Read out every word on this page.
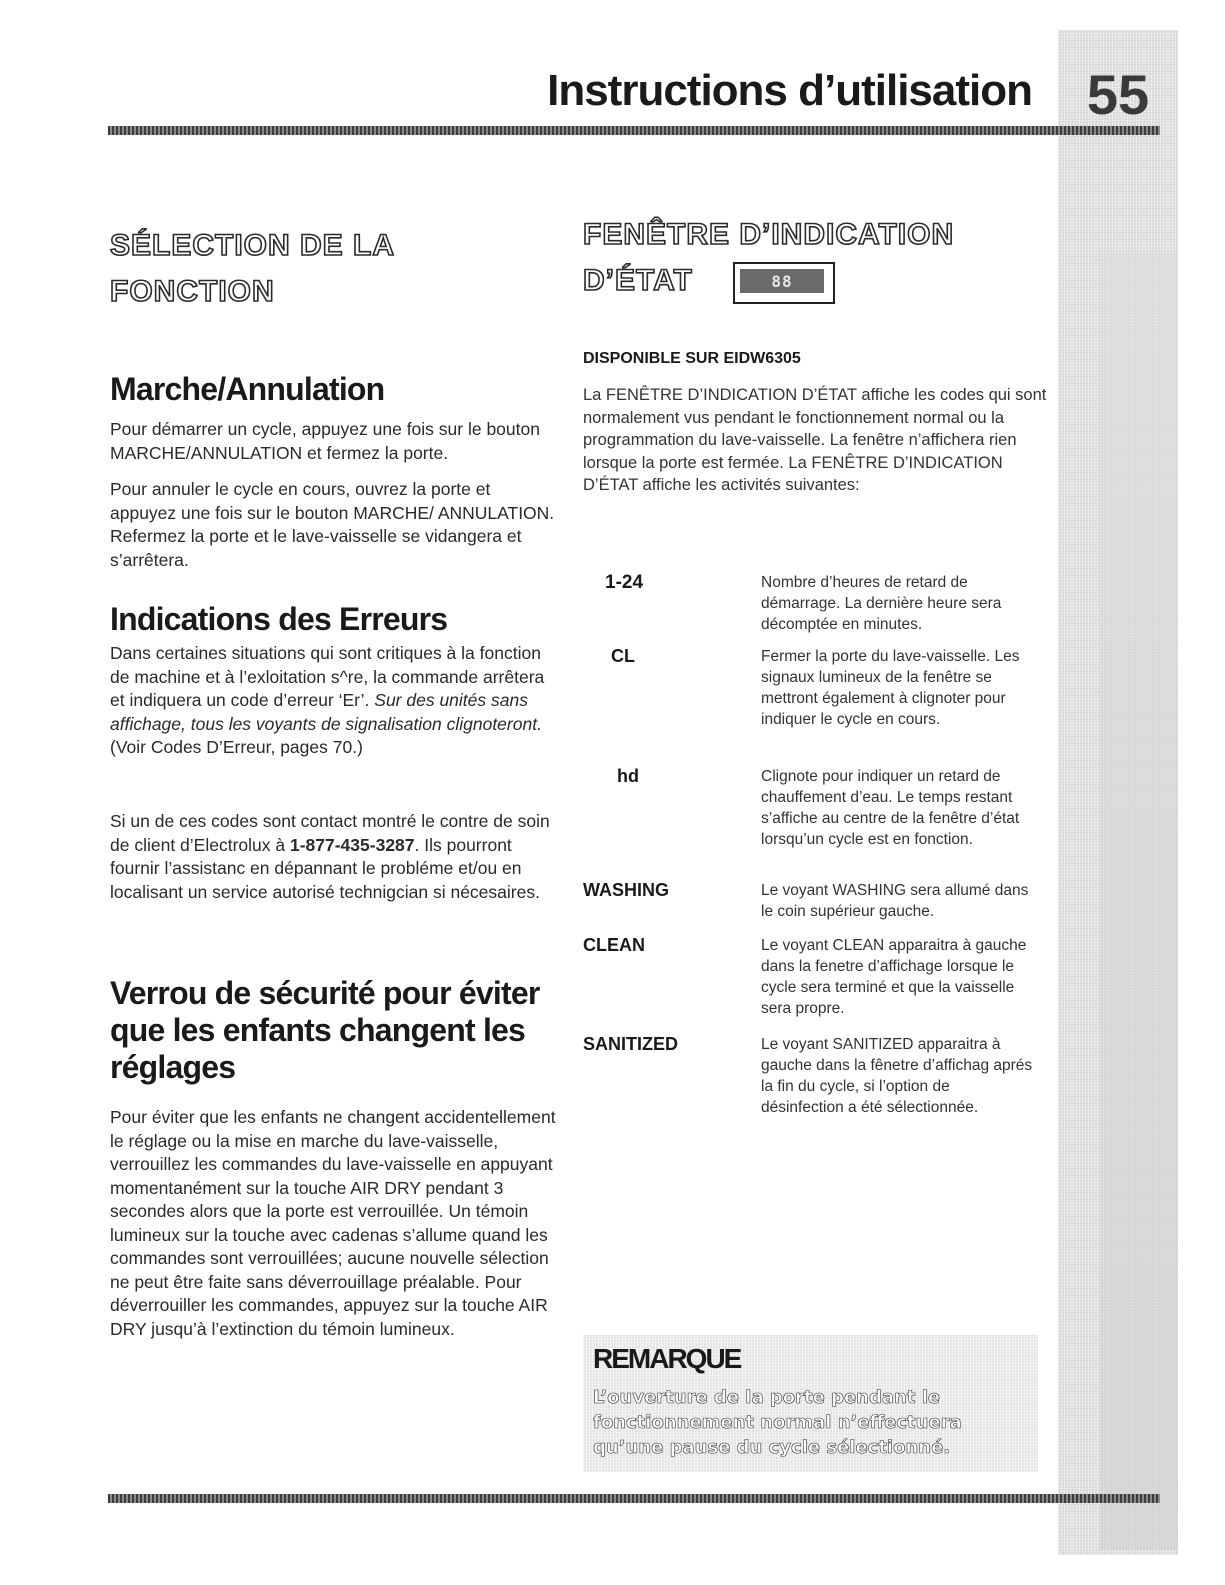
55
Instructions d’utilisation
SÉLECTION DE LA FONCTION
Marche/Annulation
Pour démarrer un cycle, appuyez une fois sur le bouton MARCHE/ANNULATION et fermez la porte.
Pour annuler le cycle en cours, ouvrez la porte et appuyez une fois sur le bouton MARCHE/ ANNULATION. Refermez la porte et le lave-vaisselle se vidangera et s’arrêtera.
Indications des Erreurs
Dans certaines situations qui sont critiques à la fonction de machine et à l’exloitation s^re, la commande arrêtera et indiquera un code d’erreur ‘Er’. Sur des unités sans affichage, tous les voyants de signalisation clignoteront.(Voir Codes D’Erreur, pages 70.)
Si un de ces codes sont contact montré le contre de soin de client d’Electrolux à 1-877-435-3287. Ils pourront fournir l’assistanc en dépannant le probléme et/ou en localisant un service autorisé technigcian si nécesaires.
Verrou de sécurité pour éviter que les enfants changent les réglages
Pour éviter que les enfants ne changent accidentellement le réglage ou la mise en marche du lave-vaisselle, verrouillez les commandes du lave-vaisselle en appuyant momentanément sur la touche AIR DRY pendant 3 secondes alors que la porte est verrouillée. Un témoin lumineux sur la touche avec cadenas s’allume quand les commandes sont verrouillées; aucune nouvelle sélection ne peut être faite sans déverrouillage préalable. Pour déverrouiller les commandes, appuyez sur la touche AIR DRY jusqu’à l’extinction du témoin lumineux.
FENÊTRE D’INDICATION D’ÉTAT	88
DISPONIBLE SUR EIDW6305
La FENÊTRE D’INDICATION D’ÉTAT affiche les codes qui sont normalement vus pendant le fonctionnement normal ou la programmation du lave-vaisselle. La fenêtre n’affichera rien lorsque la porte est fermée. La FENÊTRE D’INDICATION D’ÉTAT affiche les activités suivantes:
1-24	Nombre d’heures de retard de démarrage. La dernière heure sera décomptée en minutes.
CL	Fermer la porte du lave-vaisselle. Les signaux lumineux de la fenêtre se mettront également à clignoter pour indiquer le cycle en cours.
hd	Clignote pour indiquer un retard de chauffement d’eau. Le temps restant s’affiche au centre de la fenêtre d’état lorsqu’un cycle est en fonction.
WASHING	Le voyant WASHING sera allumé dans le coin supérieur gauche.
CLEAN	Le voyant CLEAN apparaitra à gauche dans la fenetre d’affichage lorsque le cycle sera terminé et que la vaisselle sera propre.
SANITIZED	Le voyant SANITIZED apparaitra à gauche dans la fênetre d’affichag aprés la fin du cycle, si l’option de désinfection a été sélectionnée.
REMARQUE
L’ouverture de la porte pendant le fonctionnement normal n’effectuera qu’une pause du cycle sélectionné.
